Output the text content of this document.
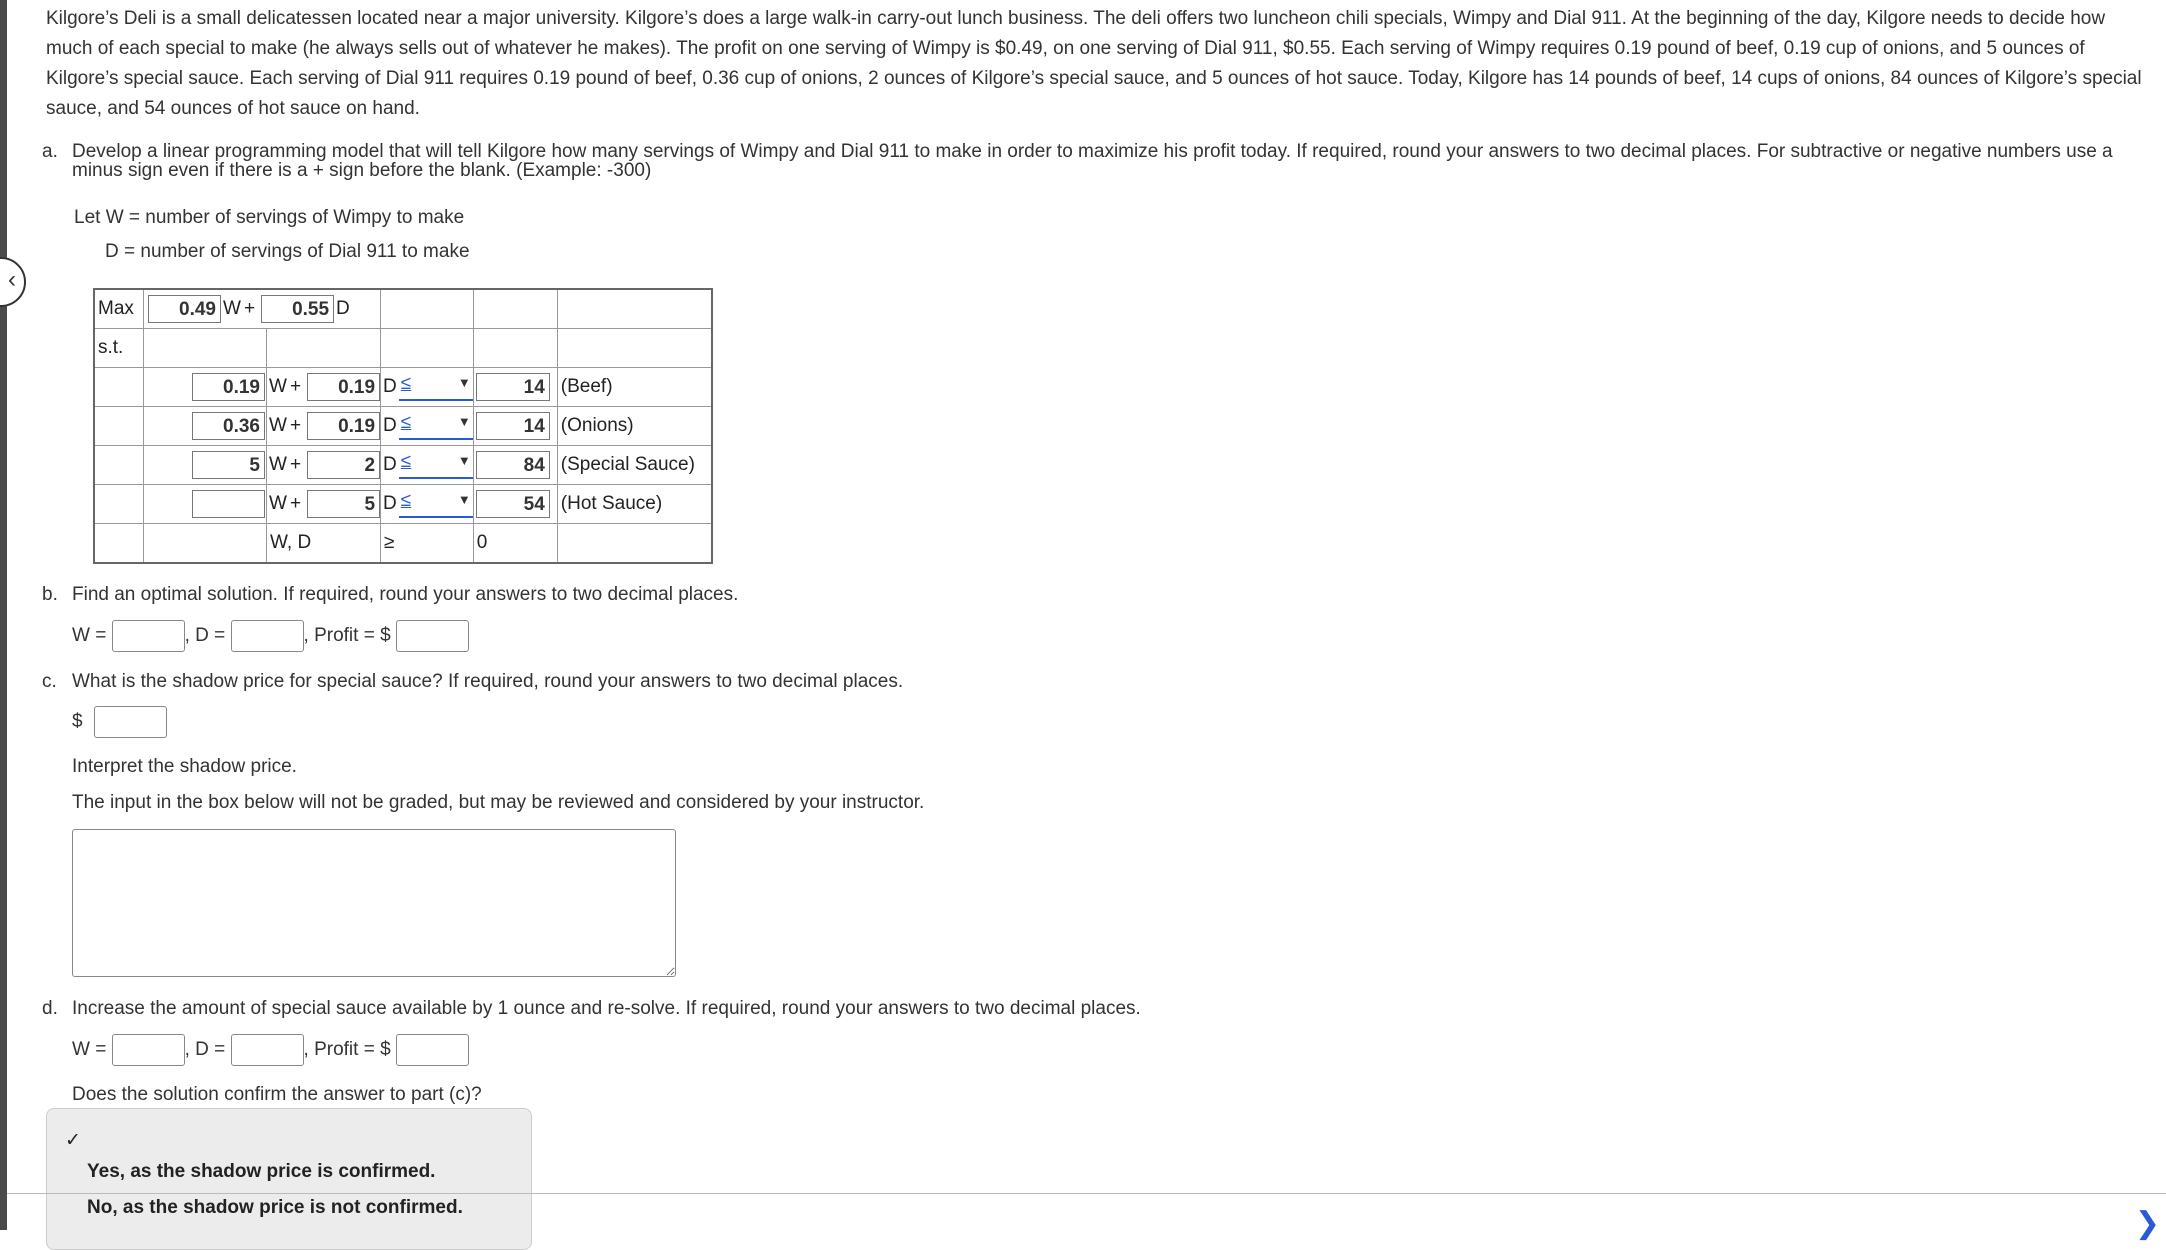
‹
Kilgore’s Deli is a small delicatessen located near a major university. Kilgore’s does a large walk-in carry-out lunch business. The deli offers two luncheon chili specials, Wimpy and Dial 911. At the beginning of the day, Kilgore needs to decide how much of each special to make (he always sells out of whatever he makes). The profit on one serving of Wimpy is $0.49, on one serving of Dial 911, $0.55. Each serving of Wimpy requires 0.19 pound of beef, 0.19 cup of onions, and 5 ounces of Kilgore’s special sauce. Each serving of Dial 911 requires 0.19 pound of beef, 0.36 cup of onions, 2 ounces of Kilgore’s special sauce, and 5 ounces of hot sauce. Today, Kilgore has 14 pounds of beef, 14 cups of onions, 84 ounces of Kilgore’s special sauce, and 54 ounces of hot sauce on hand.
a. Develop a linear programming model that will tell Kilgore how many servings of Wimpy and Dial 911 to make in order to maximize his profit today. If required, round your answers to two decimal places. For subtractive or negative numbers use a minus sign even if there is a + sign before the blank. (Example: -300)
Let W = number of servings of Wimpy to make
D = number of servings of Dial 911 to make
Max	0.49 W + 0.55 D				
s.t.					
	0.19	W + 0.19	D ≤ ▼	14	(Beef)
	0.36	W + 0.19	D ≤ ▼	14	(Onions)
	5	W + 2	D ≤ ▼	84	(Special Sauce)
		W + 5	D ≤ ▼	54	(Hot Sauce)
		W, D	≥	0	
b. Find an optimal solution. If required, round your answers to two decimal places.
W =	, D =	, Profit = $
c. What is the shadow price for special sauce? If required, round your answers to two decimal places.
$
Interpret the shadow price.
The input in the box below will not be graded, but may be reviewed and considered by your instructor.
d. Increase the amount of special sauce available by 1 ounce and re-solve. If required, round your answers to two decimal places.
W =	, D =	, Profit = $
Does the solution confirm the answer to part (c)?
✓
Yes, as the shadow price is confirmed.
No, as the shadow price is not confirmed.	❯
